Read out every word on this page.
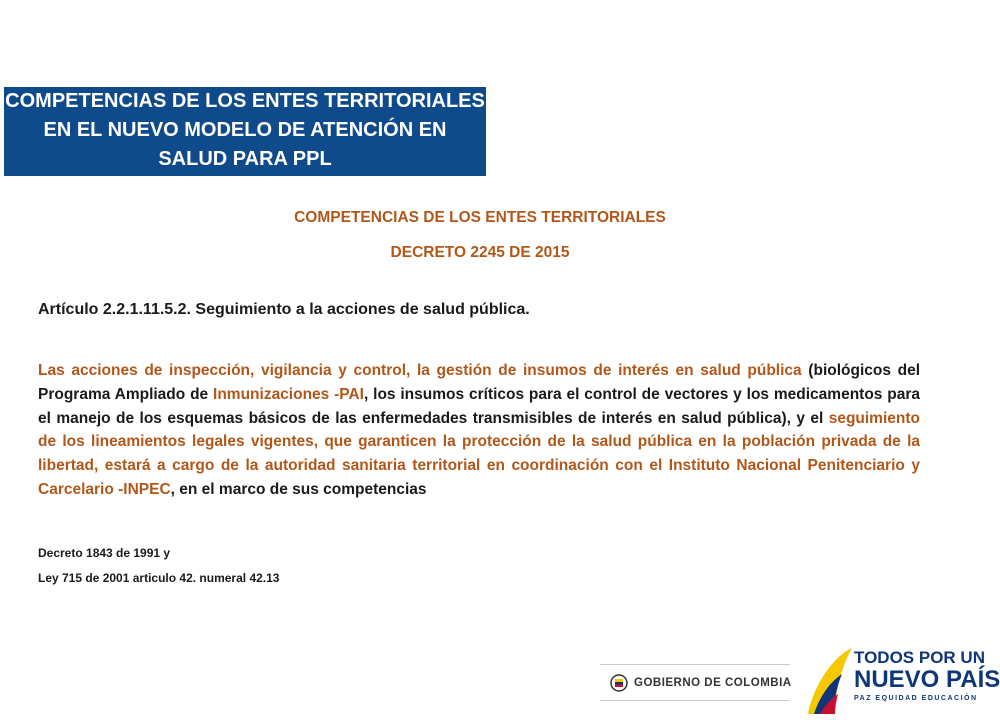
COMPETENCIAS DE LOS ENTES TERRITORIALES
EN EL NUEVO MODELO DE ATENCIÓN EN
SALUD PARA PPL
COMPETENCIAS DE LOS ENTES TERRITORIALES
DECRETO 2245 DE 2015
Artículo 2.2.1.11.5.2. Seguimiento a la acciones de salud pública.
Las acciones de inspección, vigilancia y control, la gestión de insumos de interés en salud pública (biológicos del Programa Ampliado de Inmunizaciones -PAI, los insumos críticos para el control de vectores y los medicamentos para el manejo de los esquemas básicos de las enfermedades transmisibles de interés en salud pública), y el seguimiento de los lineamientos legales vigentes, que garanticen la protección de la salud pública en la población privada de la libertad, estará a cargo de la autoridad sanitaria territorial en coordinación con el Instituto Nacional Penitenciario y Carcelario -INPEC, en el marco de sus competencias
Decreto 1843 de 1991 y
Ley 715 de 2001 articulo 42. numeral 42.13
GOBIERNO DE COLOMBIA
TODOS POR UN
NUEVO PAÍS
PAZ EQUIDAD EDUCACIÓN
